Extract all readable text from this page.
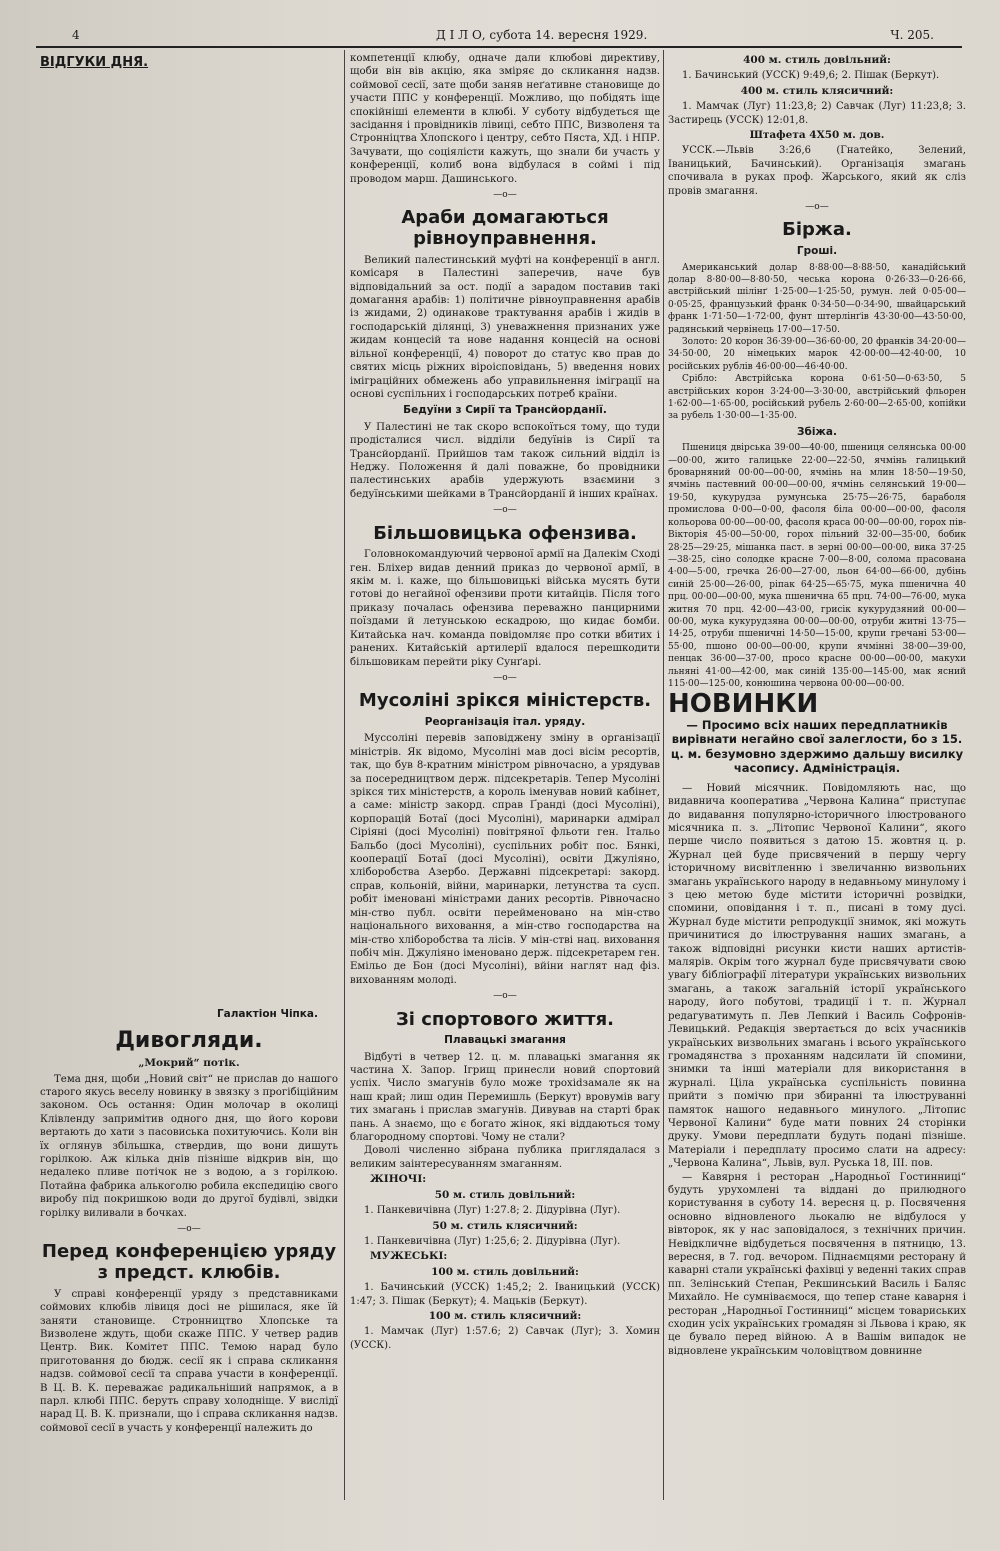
4	Д І Л О, субота 14. вересня 1929.	Ч. 205.
ВІДГУКИ ДНЯ.
Галактіон Чіпка.
Дивогляди.
„Мокрий“ потік.

Тема дня, щоби „Новий світ“ не прислав до нашого старого якусь веселу новинку в звязку з прогібіційним законом. Ось остання: Один молочар в околиці Клівленду запримітив одного дня, що його корови вертають до хати з пасовиська похитуючись. Коли він їх оглянув збільшка, ствердив, що вони дишуть горілкою. Аж кілька днів пізніше відкрив він, що недалеко пливе потічок не з водою, а з горілкою. Потайна фабрика алькоголю робила експедицію свого виробу під покришкою води до другої будівлі, звідки горілку виливали в бочках.

—o—
Перед конференцією уряду з предст. клюбів.

У справі конференції уряду з представниками соймових клюбів лівиця досі не рішилася, яке їй заняти становище. Стронництво Хлопське та Визволене ждуть, щоби скаже ППС. У четвер радив Центр. Вик. Комітет ППС. Темою нарад було приготовання до бюдж. сесії як і справа скликання надзв. соймової сесії та справа участи в конференції. В Ц. В. К. переважає радикальніший напрямок, а в парл. клюбі ППС. беруть справу холодніще. У вислідї нарад Ц. В. К. признали, що і справа скликання надзв. соймової сесії в участь у конференції належить до

компетенції клюбу, одначе дали клюбові директиву, щоби він вів акцію, яка зміряє до скликання надзв. соймової сесії, зате щоби заняв неґативне становище до участи ППС у конференції. Можливо, що побідять іще спокійніші елементи в клюбі. У суботу відбудеться ще засідання і провідників лівиці, себто ППС, Визволеня та Стронніцтва Хлопского і центру, себто Пяста, ХД. і НПР. Зачувати, що соціялісти кажуть, що знали би участь у конференції, колиб вона відбулася в соймі і під проводом марш. Дашинського.

—o—
Араби домагаються рівноуправнення.

Великий палестинський муфті на конференції в англ. комісаря в Палестині заперечив, наче був відповідальний за ост. події а зарадом поставив такі домагання арабів: 1) політичне рівноуправнення арабів із жидами, 2) одинакове трактування арабів і жидів в господарській ділянці, 3) уневажнення признаних уже жидам концесій та нове надання концесій на основі вільної конференції, 4) поворот до статус кво прав до святих місць ріжних віроісповідань, 5) введення нових іміграційних обмежень або управильнення іміграції на основі суспільних і господарських потреб країни.

Бедуїни з Сирії та Трансйорданії.

У Палестині не так скоро вспокоїться тому, що туди продісталися числ. відділи бедуїнів із Сирії та Трансйорданії. Прийшов там також сильний відділ із Неджу. Положення й далі поважне, бо провідники палестинських арабів удержують взаємини з бедуїнськими шейками в Трансйорданії й інших країнах.

—o—
Більшовицька офензива.

Головнокомандуючий червоної армії на Далекім Сході ген. Бліхер видав денний приказ до червоної армії, в якім м. і. каже, що більшовицькі війська мусять бути готові до негайної офензиви проти китайців. Після того приказу почалась офензива переважно панцирними поїздами й летунською ескадрою, що кидає бомби. Китайська нач. команда повідомляє про сотки вбитих і ранених. Китайській артилерії вдалося перешкодити більшовикам перейти ріку Сунґарі.

—o—
Мусоліні зрікся міністерств.
Реорганізація італ. уряду.

Муссоліні перевів заповіджену зміну в організації міністрів. Як відомо, Мусоліні мав досі вісім ресортів, так, що був 8-кратним міністром рівночасно, а урядував за посередництвом держ. підсекретарів. Тепер Мусоліні зрікся тих міністерств, а король іменував новий кабінет, а саме: міністр закорд. справ Ґранді (досі Мусоліні), корпорацій Ботаї (досі Мусоліні), маринарки адмірал Сіріяні (досі Мусоліні) повітряної фльоти ген. Італьо Бальбо (досі Мусоліні), суспільних робіт пос. Бянкі, кооперації Ботаї (досі Мусоліні), освіти Джуліяно, хліборобства Азербо. Державні підсекретарі: закорд. справ, кольоній, війни, маринарки, летунства та сусп. робіт іменовані міністрами даних ресортів. Рівночасно мін-ство публ. освіти перейменовано на мін-ство національного виховання, а мін-ство господарства на мін-ство хліборобства та лісів. У мін-стві нац. виховання побіч мін. Джуліяно іменовано держ. підсекретарем ген. Емільо де Бон (досі Мусоліні), вйіни наглят над фіз. вихованням молоді.

—o—
Зі спортового життя.
Плавацькі змагання

Відбуті в четвер 12. ц. м. плавацькі змагання як частина Х. Запор. Ігрищ принесли новий спортовий успіх. Число змагунів було може троxidзамале як на наш край; лиш один Перемишль (Беркут) вровумів вагу тих змагань і прислав змагунів. Дивував на старті брак пань. А знаємо, що є богато жінок, які віддаються тому благородному спортові. Чому не стали?

Доволі численно зібрана публика приглядалася з великим заінтересуванням змаганням.

ЖІНОЧІ:
50 м. стиль довільний:

1. Панкевичівна (Луг) 1:27.8; 2. Дідурівна (Луг).

50 м. стиль клясичний:

1. Панкевичівна (Луг) 1:25,6; 2. Дідурівна (Луг).

МУЖЕСЬКІ:
100 м. стиль довільний:

1. Бачинський (УССК) 1:45,2; 2. Іваницький (УССК) 1:47; 3. Пішак (Беркут); 4. Мацьків (Беркут).

100 м. стиль клясичний:

1. Мамчак (Луг) 1:57.6; 2) Савчак (Луг); 3. Хомин (УССК).

400 м. стиль довільний:

1. Бачинський (УССК) 9:49,6; 2. Пішак (Беркут).

400 м. стиль клясичний:

1. Мамчак (Луг) 11:23,8; 2) Савчак (Луг) 11:23,8; 3. Застирець (УССК) 12:01,8.

Штафета 4X50 м. дов.

УССК.—Львів 3:26,6 (Гнатейко, Зелений, Іваницький, Бачинський). Організація змагань спочивала в руках проф. Жарського, який як сліз провів змагання.

—o—
Біржа.
Гроші.

Американський долар 8·88·00—8·88·50, канадійський долар 8·80·00—8·80·50, чеська корона 0·26·33—0·26·66, австрійський шілінґ 1·25·00—1·25·50, румун. лей 0·05·00—0·05·25, французький франк 0·34·50—0·34·90, швайцарський франк 1·71·50—1·72·00, фунт штерлінґів 43·30·00—43·50·00, радянський червінець 17·00—17·50.

Золото: 20 корон 36·39·00—36·60·00, 20 франків 34·20·00—34·50·00, 20 німецьких марок 42·00·00—42·40·00, 10 російських рублів 46·00·00—46·40·00.

Срібло: Австрійська корона 0·61·50—0·63·50, 5 австрійських корон 3·24·00—3·30·00, австрійський фльорен 1·62·00—1·65·00, російський рубель 2·60·00—2·65·00, копійки за рубель 1·30·00—1·35·00.

Збіжа.

Пшениця двірська 39·00—40·00, пшениця селянська 00·00—00·00, жито галицьке 22·00—22·50, ячмінь галицький броварняний 00·00—00·00, ячмінь на млин 18·50—19·50, ячмінь пастевний 00·00—00·00, ячмінь селянський 19·00—19·50, кукурудза румунська 25·75—26·75, бараболя промислова 0·00—0·00, фасоля біла 00·00—00·00, фасоля кольорова 00·00—00·00, фасоля краса 00·00—00·00, горох пів-Вікторія 45·00—50·00, горох пільний 32·00—35·00, бобик 28·25—29·25, мішанка паст. в зерні 00·00—00·00, вика 37·25—38·25, сіно солодке красне 7·00—8·00, солома прасована 4·00—5·00, гречка 26·00—27·00, льон 64·00—66·00, дубінь синій 25·00—26·00, ріпак 64·25—65·75, мука пшенична 40 прц. 00·00—00·00, мука пшенична 65 прц. 74·00—76·00, мука житня 70 прц. 42·00—43·00, грисік кукурудзяний 00·00—00·00, мука кукурудзяна 00·00—00·00, отруби житні 13·75—14·25, отруби пшеничні 14·50—15·00, крупи гречані 53·00—55·00, пшоно 00·00—00·00, крупи ячмінні 38·00—39·00, пенцак 36·00—37·00, просо красне 00·00—00·00, макухи льняні 41·00—42·00, мак синій 135·00—145·00, мак ясний 115·00—125·00, конюшина червона 00·00—00·00.

НОВИНКИ
— Просимо всіх наших передплатників вирівнати негайно свої залеглости, бо з 15. ц. м. безумовно здержимо дальшу висилку часопису. Адміністрація.

— Новий місячник. Повідомляють нас, що видавнича кооператива „Червона Калина“ приступає до видавання популярно-історичного ілюстрованого місячника п. з. „Літопис Червоної Калини“, якого перше число появиться з датою 15. жовтня ц. р. Журнал цей буде присвячений в першу чергу історичному висвітленню і звеличанню визвольних змагань українського народу в недавньому минулому і з цею метою буде містити історичні розвідки, спомини, оповідання і т. п., писані в тому дусі. Журнал буде містити репродукції знимок, які можуть причинитися до ілюстрування наших змагань, а також відповідні рисунки кисти наших артистів-малярів. Окрім того журнал буде присвячувати свою увагу бібліографії літератури українських визвольних змагань, а також загальній історії українського народу, його побутові, традиції і т. п. Журнал редагуватимуть п. Лев Лепкий і Василь Софронів-Левицький. Редакція звертається до всіх учасників українських визвольних змагань і всього українського громадянства з проханням надсилати їй спомини, знимки та інші матеріали для використання в журналі. Ціла українська суспільність повинна прийти з помічю при збиранні та ілюструванні памяток нашого недавнього минулого. „Літопис Червоної Калини“ буде мати повних 24 сторінки друку. Умови передплати будуть подані пізніше. Матеріали і передплату просимо слати на адресу: „Червона Калина“, Львів, вул. Руська 18, ІІІ. пов.

— Кавярня і ресторан „Народньої Гостинниці“ будуть урухомлені та віддані до прилюдного користування в суботу 14. вересня ц. р. Посвячення основно відновленого льокалю не відбулося у вівторок, як у нас заповідалося, з технічних причин. Невідкличне відбудеться посвячення в пятницю, 13. вересня, в 7. год. вечором. Піднаємцями ресторану й каварні стали українські фахівці у веденні таких справ пп. Зелінський Степан, Рекшинський Василь і Баляс Михайло. Не сумніваємося, що тепер стане каварня і ресторан „Народньої Гостинниці“ місцем товариських сходин усіх українських громадян зі Львова і краю, як це бувало перед війною. А в Вашім випадок не відновлене українським чоловіцтвом довнинне
